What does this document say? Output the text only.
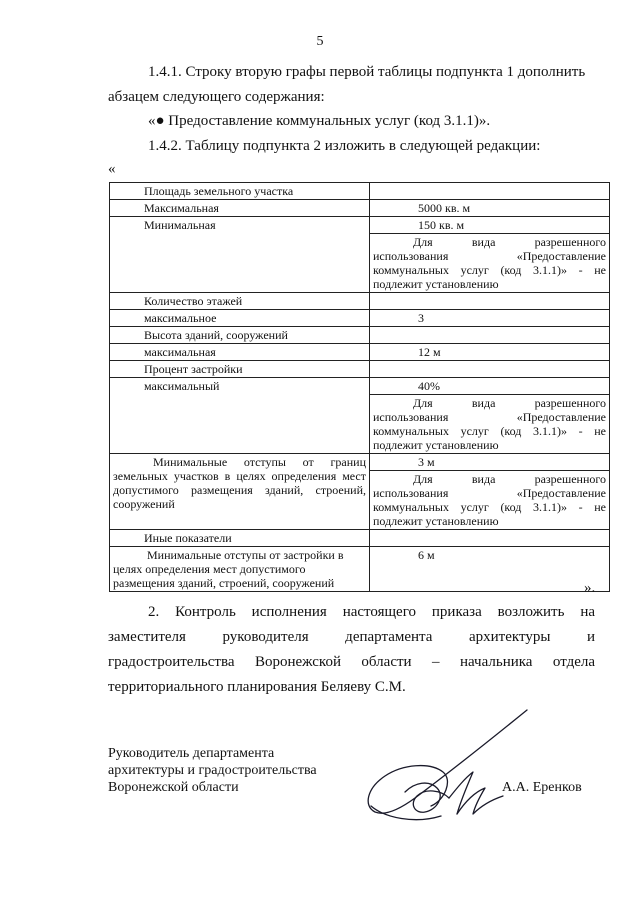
5
1.4.1. Строку вторую графы первой таблицы подпункта 1 дополнить
абзацем следующего содержания:
«● Предоставление коммунальных услуг (код 3.1.1)».
1.4.2. Таблицу подпункта 2 изложить в следующей редакции:
«
Площадь земельного участка	
Максимальная	5000 кв. м
Минимальная	150 кв. м

	Для вида разрешенного использования «Предоставление коммунальных услуг (код 3.1.1)» - не подлежит установлению

Количество этажей	
максимальное	3
Высота зданий, сооружений	
максимальная	12 м
Процент застройки	
максимальный	40%

	Для вида разрешенного использования «Предоставление коммунальных услуг (код 3.1.1)» - не подлежит установлению

Минимальные отступы от границ земельных участков в целях определения мест допустимого размещения зданий, строений, сооружений	3 м

	Для вида разрешенного использования «Предоставление коммунальных услуг (код 3.1.1)» - не подлежит установлению

Иные показатели	

Минимальные отступы от застройки в целях определения мест допустимого размещения зданий, строений, сооружений	6 м
».
2. Контроль исполнения настоящего приказа возложить на
заместителя руководителя департамента архитектуры и
градостроительства Воронежской области – начальника отдела
территориального планирования Беляеву С.М.
Руководитель департамента
архитектуры и градостроительства
Воронежской области	А.А. Еренков
